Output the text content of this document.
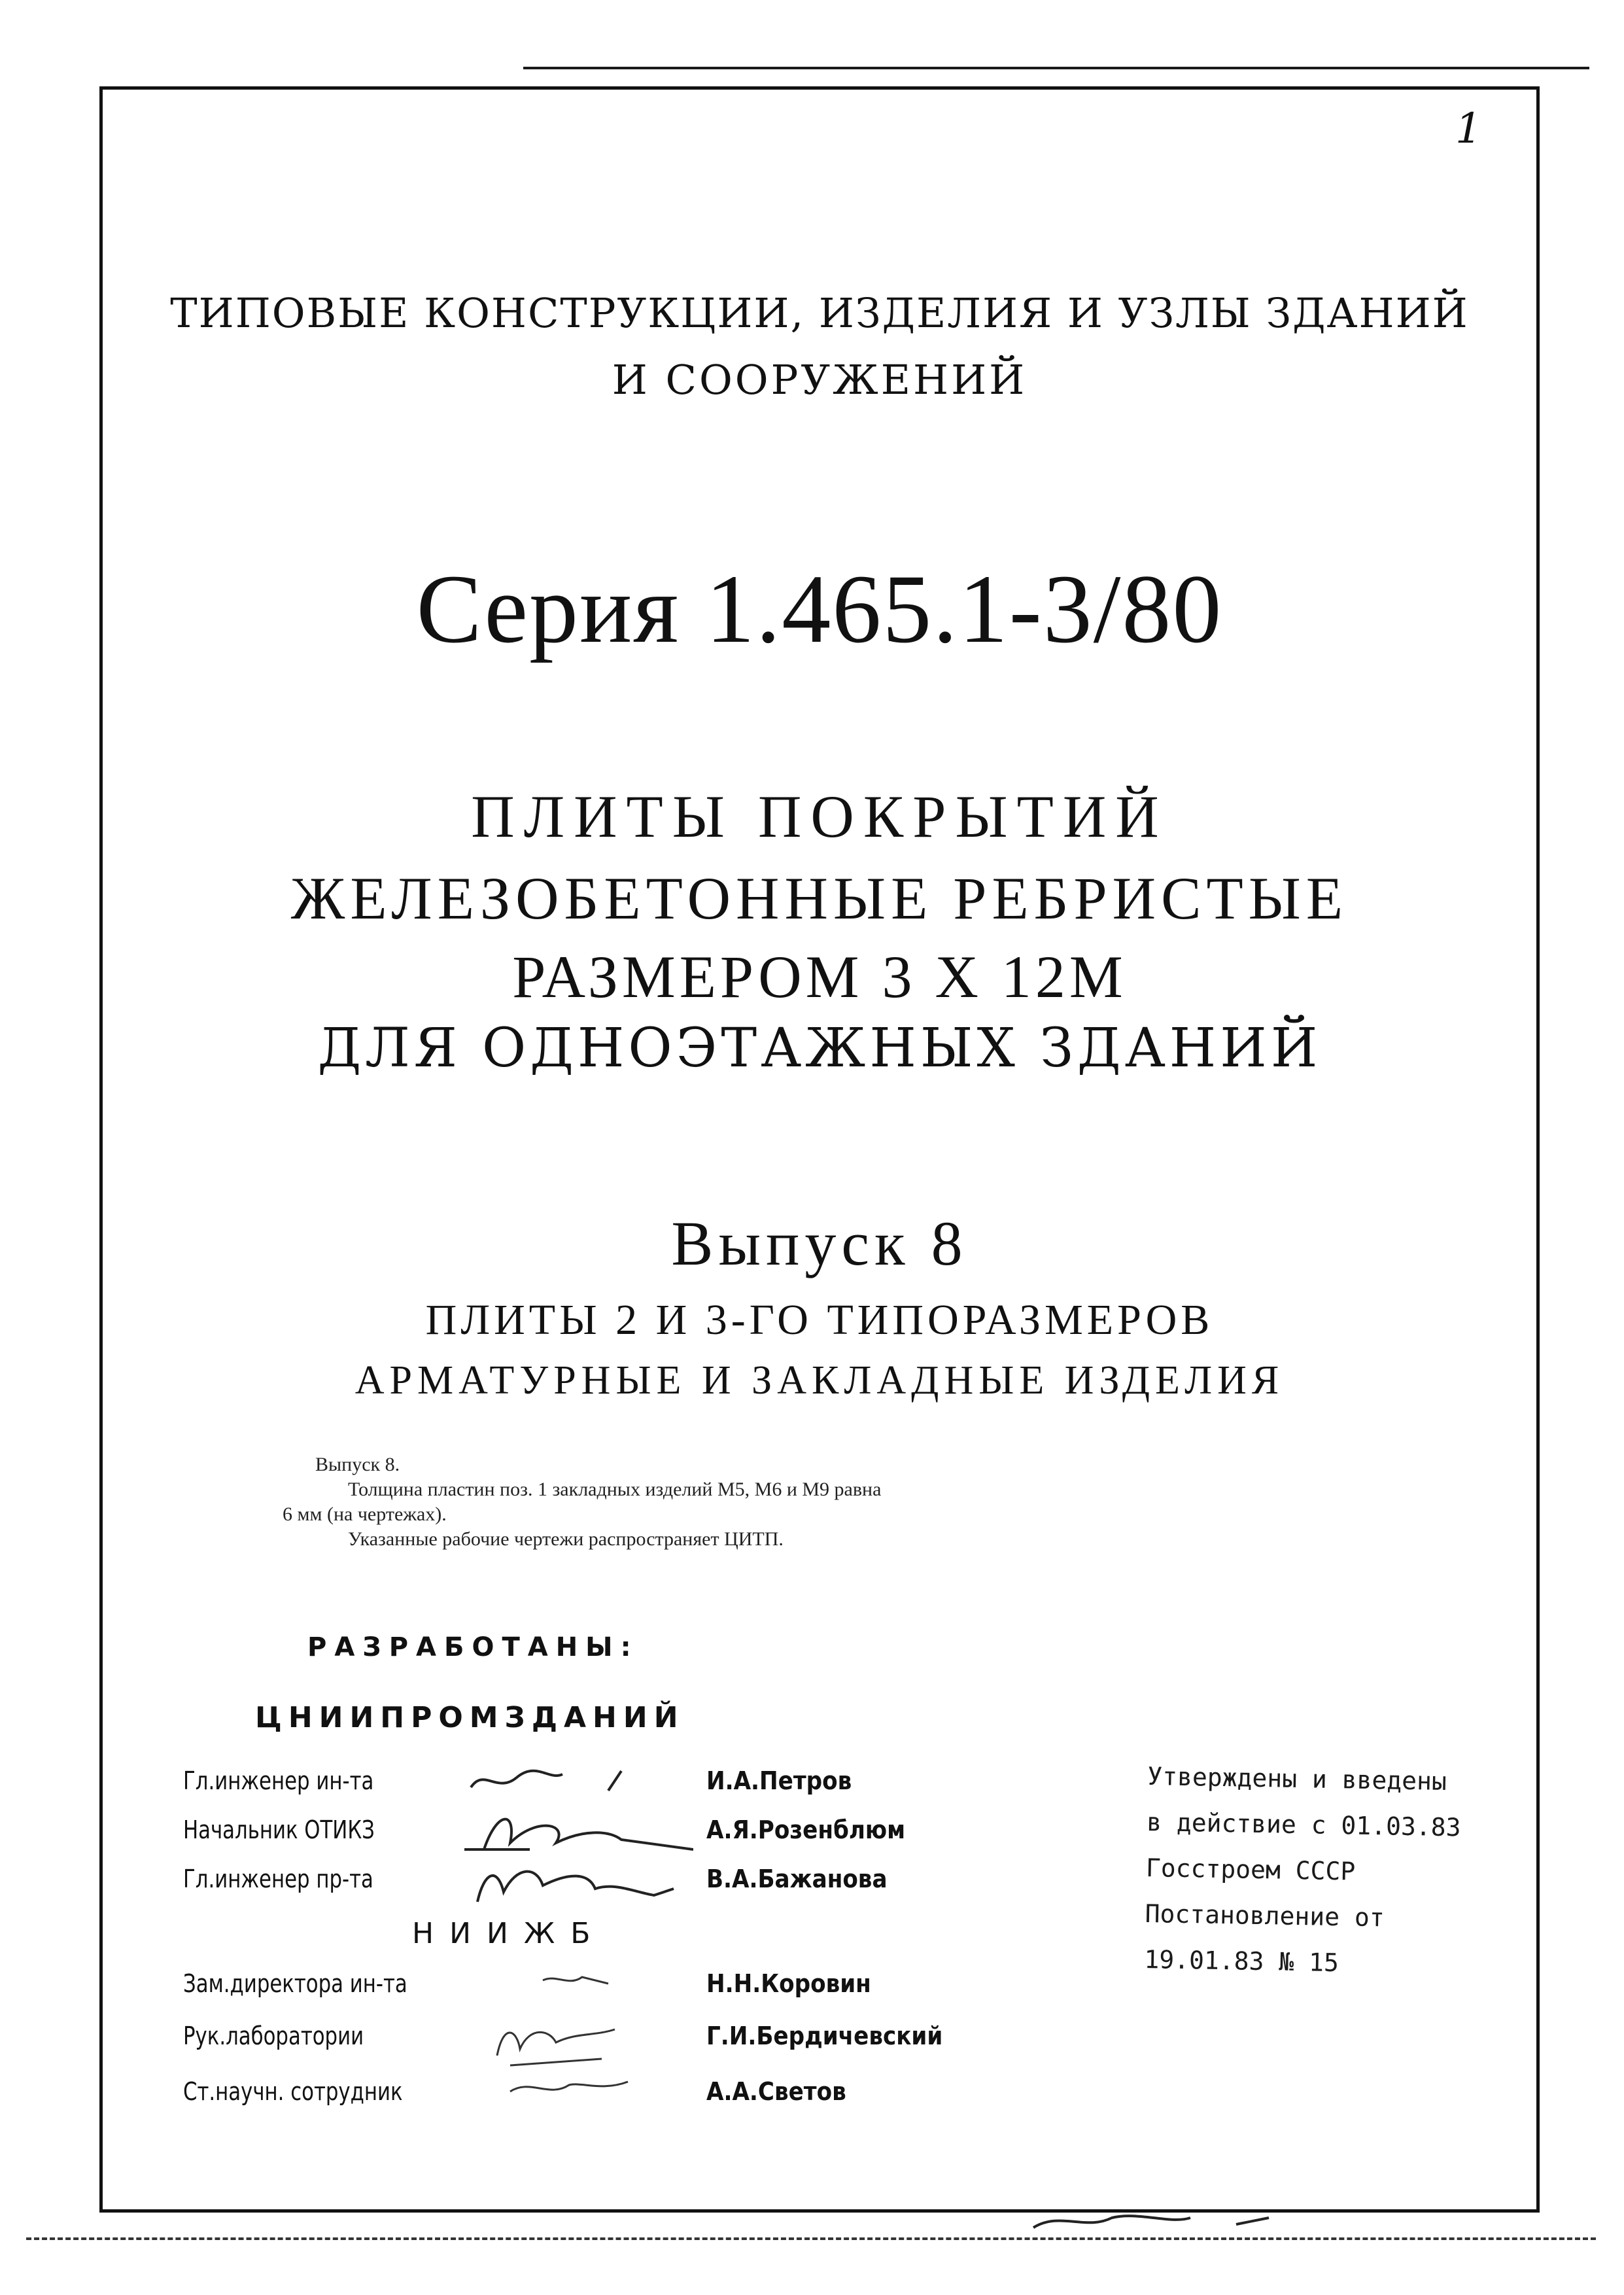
1
ТИПОВЫЕ КОНСТРУКЦИИ, ИЗДЕЛИЯ И УЗЛЫ ЗДАНИЙ
И СООРУЖЕНИЙ
Серия 1.465.1-3/80
ПЛИТЫ ПОКРЫТИЙ
ЖЕЛЕЗОБЕТОННЫЕ РЕБРИСТЫЕ
РАЗМЕРОМ 3 X 12М
ДЛЯ ОДНОЭТАЖНЫХ ЗДАНИЙ
Выпуск 8
ПЛИТЫ 2 И 3-ГО ТИПОРАЗМЕРОВ
АРМАТУРНЫЕ И ЗАКЛАДНЫЕ ИЗДЕЛИЯ
Выпуск 8.
Толщина пластин поз. 1 закладных изделий М5, М6 и М9 равна
6 мм (на чертежах).
Указанные рабочие чертежи распространяет ЦИТП.
РАЗРАБОТАНЫ:
ЦНИИПРОМЗДАНИЙ
Гл.инженер ин-та	И.А.Петров
Начальник ОТИКЗ	А.Я.Розенблюм
Гл.инженер пр-та	В.А.Бажанова
НИИЖБ
Зам.директора ин-та	Н.Н.Коровин
Рук.лаборатории	Г.И.Бердичевский
Ст.научн. сотрудник	А.А.Светов
Утверждены и введены
в действие с 01.03.83
Госстроем СССР
Постановление от
19.01.83 № 15
